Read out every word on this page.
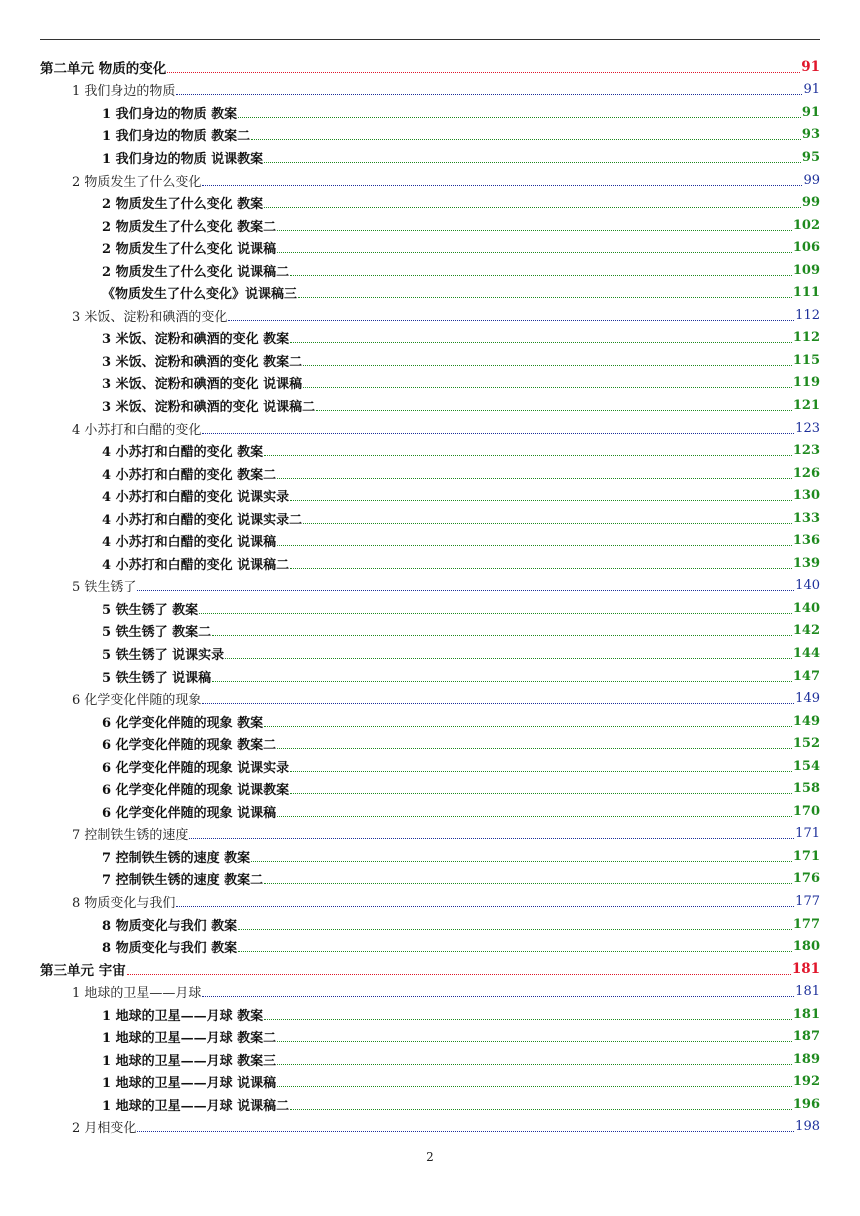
第二单元 物质的变化	91
1 我们身边的物质	91
1 我们身边的物质 教案	91
1 我们身边的物质 教案二	93
1 我们身边的物质 说课教案	95
2 物质发生了什么变化	99
2 物质发生了什么变化 教案	99
2 物质发生了什么变化 教案二	102
2 物质发生了什么变化 说课稿	106
2 物质发生了什么变化 说课稿二	109
《物质发生了什么变化》说课稿三	111
3 米饭、淀粉和碘酒的变化	112
3 米饭、淀粉和碘酒的变化 教案	112
3 米饭、淀粉和碘酒的变化 教案二	115
3 米饭、淀粉和碘酒的变化 说课稿	119
3 米饭、淀粉和碘酒的变化 说课稿二	121
4 小苏打和白醋的变化	123
4 小苏打和白醋的变化 教案	123
4 小苏打和白醋的变化 教案二	126
4 小苏打和白醋的变化 说课实录	130
4 小苏打和白醋的变化 说课实录二	133
4 小苏打和白醋的变化 说课稿	136
4 小苏打和白醋的变化 说课稿二	139
5 铁生锈了	140
5 铁生锈了 教案	140
5 铁生锈了 教案二	142
5 铁生锈了 说课实录	144
5 铁生锈了 说课稿	147
6 化学变化伴随的现象	149
6 化学变化伴随的现象 教案	149
6 化学变化伴随的现象 教案二	152
6 化学变化伴随的现象 说课实录	154
6 化学变化伴随的现象 说课教案	158
6 化学变化伴随的现象 说课稿	170
7 控制铁生锈的速度	171
7 控制铁生锈的速度 教案	171
7 控制铁生锈的速度 教案二	176
8 物质变化与我们	177
8 物质变化与我们 教案	177
8 物质变化与我们 教案	180
第三单元 宇宙	181
1 地球的卫星——月球	181
1 地球的卫星——月球 教案	181
1 地球的卫星——月球 教案二	187
1 地球的卫星——月球 教案三	189
1 地球的卫星——月球 说课稿	192
1 地球的卫星——月球 说课稿二	196
2 月相变化	198
2
